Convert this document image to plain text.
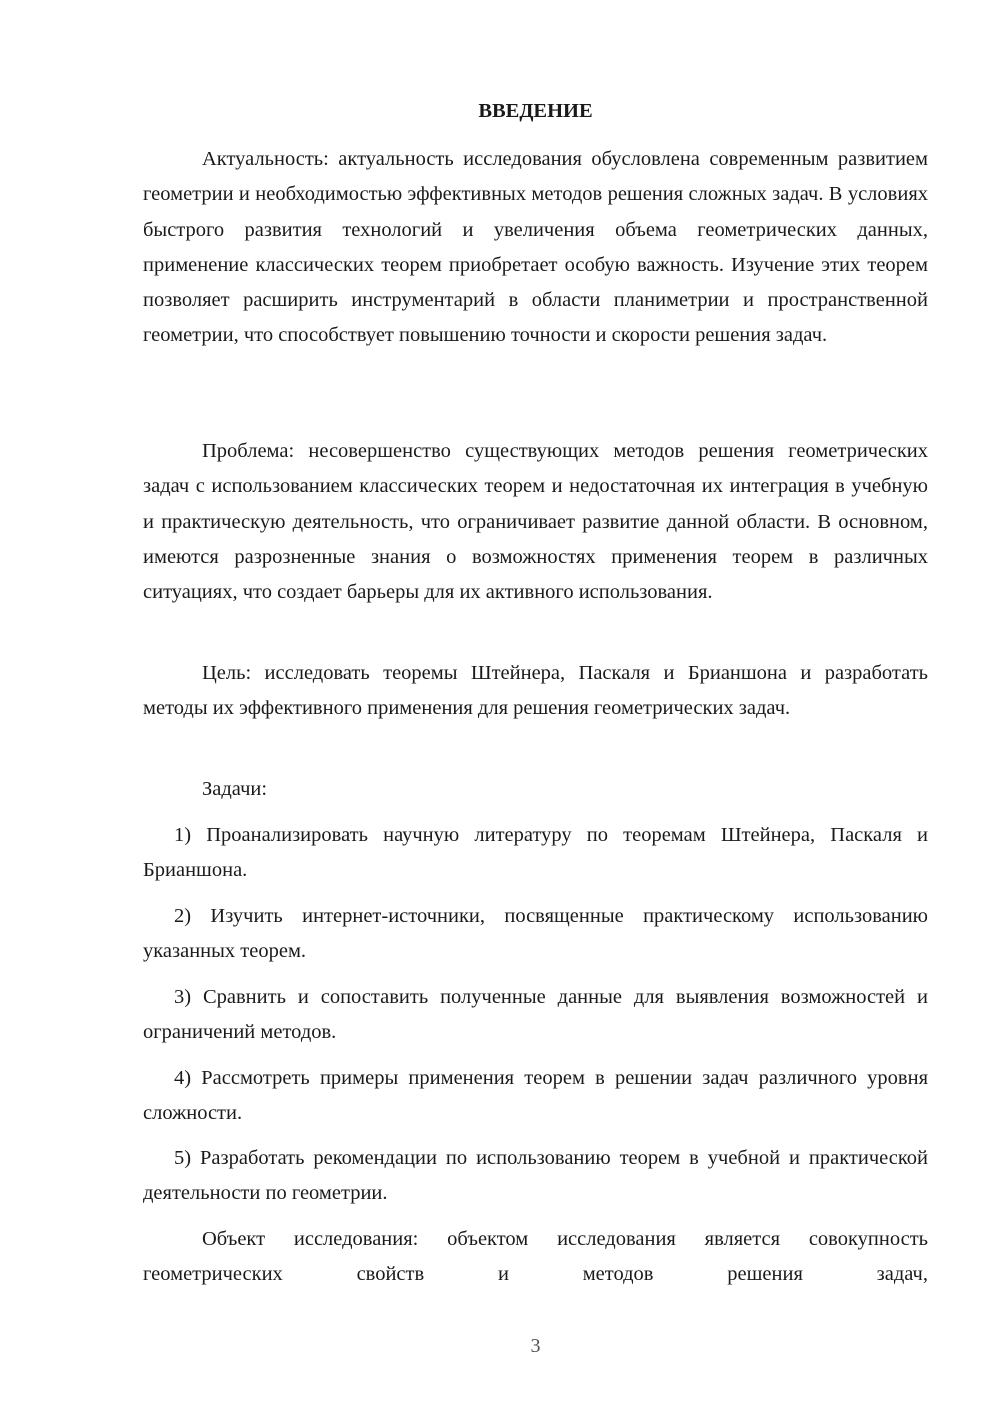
ВВЕДЕНИЕ

Актуальность: актуальность исследования обусловлена современным развитием геометрии и необходимостью эффективных методов решения сложных задач. В условиях быстрого развития технологий и увеличения объема геометрических данных, применение классических теорем приобретает особую важность. Изучение этих теорем позволяет расширить инструментарий в области планиметрии и пространственной геометрии, что способствует повышению точности и скорости решения задач.

Проблема: несовершенство существующих методов решения геометрических задач с использованием классических теорем и недостаточная их интеграция в учебную и практическую деятельность, что ограничивает развитие данной области. В основном, имеются разрозненные знания о возможностях применения теорем в различных ситуациях, что создает барьеры для их активного использования.

Цель: исследовать теоремы Штейнера, Паскаля и Брианшона и разработать методы их эффективного применения для решения геометрических задач.

Задачи:

1) Проанализировать научную литературу по теоремам Штейнера, Паскаля и Брианшона.

2) Изучить интернет-источники, посвященные практическому использованию указанных теорем.

3) Сравнить и сопоставить полученные данные для выявления возможностей и ограничений методов.

4) Рассмотреть примеры применения теорем в решении задач различного уровня сложности.

5) Разработать рекомендации по использованию теорем в учебной и практической деятельности по геометрии.

Объект исследования: объектом исследования является совокупность геометрических свойств и методов решения задач,

3
